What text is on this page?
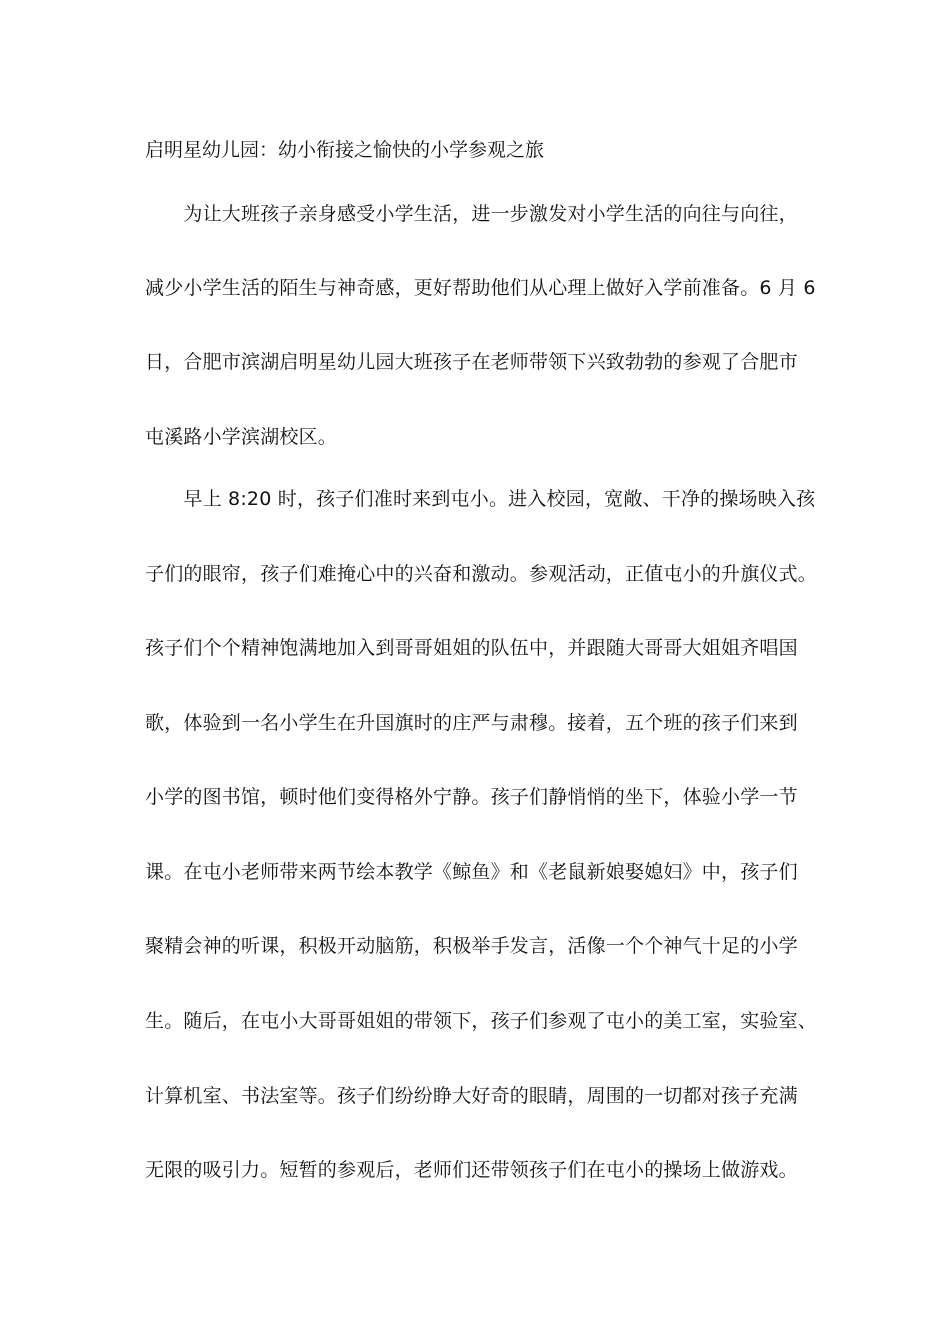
启明星幼儿园：幼小衔接之愉快的小学参观之旅
　　为让大班孩子亲身感受小学生活，进一步激发对小学生活的向往与向往，
减少小学生活的陌生与神奇感，更好帮助他们从心理上做好入学前准备。6 月 6
日，合肥市滨湖启明星幼儿园大班孩子在老师带领下兴致勃勃的参观了合肥市
屯溪路小学滨湖校区。
　　早上 8:20 时，孩子们准时来到屯小。进入校园，宽敞、干净的操场映入孩
子们的眼帘，孩子们难掩心中的兴奋和激动。参观活动，正值屯小的升旗仪式。
孩子们个个精神饱满地加入到哥哥姐姐的队伍中，并跟随大哥哥大姐姐齐唱国
歌，体验到一名小学生在升国旗时的庄严与肃穆。接着，五个班的孩子们来到
小学的图书馆，顿时他们变得格外宁静。孩子们静悄悄的坐下，体验小学一节
课。在屯小老师带来两节绘本教学《鲸鱼》和《老鼠新娘娶媳妇》中，孩子们
聚精会神的听课，积极开动脑筋，积极举手发言，活像一个个神气十足的小学
生。随后，在屯小大哥哥姐姐的带领下，孩子们参观了屯小的美工室，实验室、
计算机室、书法室等。孩子们纷纷睁大好奇的眼睛，周围的一切都对孩子充满
无限的吸引力。短暂的参观后，老师们还带领孩子们在屯小的操场上做游戏。
